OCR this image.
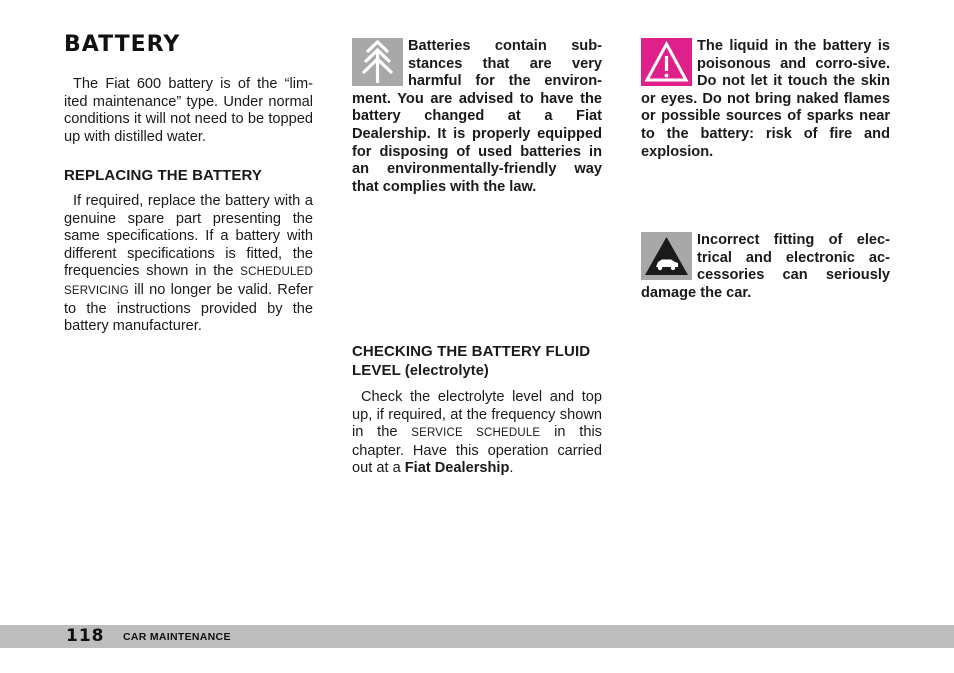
BATTERY

The Fiat 600 battery is of the “lim-ited maintenance” type. Under normal conditions it will not need to be topped up with distilled water.

REPLACING THE BATTERY

If required, replace the battery with a genuine spare part presenting the same specifications. If a battery with different specifications is fitted, the frequencies shown in the SCHEDULED SERVICING ill no longer be valid. Refer to the instructions provided by the battery manufacturer.

Batteries contain sub-stances that are very harmful for the environ-ment. You are advised to have the battery changed at a Fiat Dealership. It is properly equipped for disposing of used batteries in an environmentally-friendly way that complies with the law.
CHECKING THE BATTERY FLUID LEVEL (electrolyte)

Check the electrolyte level and top up, if required, at the frequency shown in the SERVICE SCHEDULE in this chapter. Have this operation carried out at a Fiat Dealership.

The liquid in the battery is poisonous and corro-sive. Do not let it touch the skin or eyes. Do not bring naked flames or possible sources of sparks near to the battery: risk of fire and explosion.
Incorrect fitting of elec-trical and electronic ac-cessories can seriously damage the car.
118 CAR MAINTENANCE
